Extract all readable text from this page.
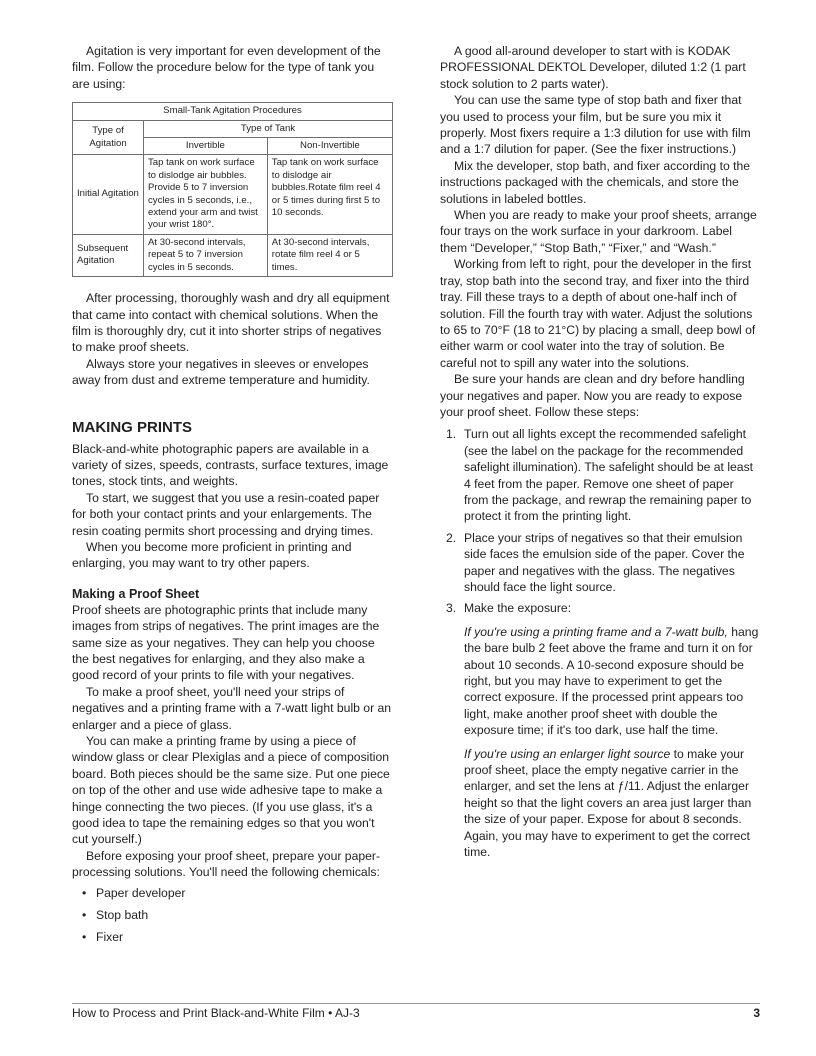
Agitation is very important for even development of the film. Follow the procedure below for the type of tank you are using:

Small-Tank Agitation Procedures		
Type of Agitation	Type of Tank	
	Invertible	Non-Invertible
Initial Agitation	Tap tank on work surface to dislodge air bubbles. Provide 5 to 7 inversion cycles in 5 seconds, i.e., extend your arm and twist your wrist 180°.	Tap tank on work surface to dislodge air bubbles.Rotate film reel 4 or 5 times during first 5 to 10 seconds.
Subsequent Agitation	At 30-second intervals, repeat 5 to 7 inversion cycles in 5 seconds.	At 30-second intervals, rotate film reel 4 or 5 times.

After processing, thoroughly wash and dry all equipment that came into contact with chemical solutions. When the film is thoroughly dry, cut it into shorter strips of negatives to make proof sheets.

Always store your negatives in sleeves or envelopes away from dust and extreme temperature and humidity.

MAKING PRINTS

Black-and-white photographic papers are available in a variety of sizes, speeds, contrasts, surface textures, image tones, stock tints, and weights.

To start, we suggest that you use a resin-coated paper for both your contact prints and your enlargements. The resin coating permits short processing and drying times.

When you become more proficient in printing and enlarging, you may want to try other papers.

Making a Proof Sheet

Proof sheets are photographic prints that include many images from strips of negatives. The print images are the same size as your negatives. They can help you choose the best negatives for enlarging, and they also make a good record of your prints to file with your negatives.

To make a proof sheet, you'll need your strips of negatives and a printing frame with a 7-watt light bulb or an enlarger and a piece of glass.

You can make a printing frame by using a piece of window glass or clear Plexiglas and a piece of composition board. Both pieces should be the same size. Put one piece on top of the other and use wide adhesive tape to make a hinge connecting the two pieces. (If you use glass, it's a good idea to tape the remaining edges so that you won't cut yourself.)

Before exposing your proof sheet, prepare your paper-processing solutions. You'll need the following chemicals:

• Paper developer
• Stop bath
• Fixer

A good all-around developer to start with is KODAK PROFESSIONAL DEKTOL Developer, diluted 1:2 (1 part stock solution to 2 parts water).

You can use the same type of stop bath and fixer that you used to process your film, but be sure you mix it properly. Most fixers require a 1:3 dilution for use with film and a 1:7 dilution for paper. (See the fixer instructions.)

Mix the developer, stop bath, and fixer according to the instructions packaged with the chemicals, and store the solutions in labeled bottles.

When you are ready to make your proof sheets, arrange four trays on the work surface in your darkroom. Label them “Developer,” “Stop Bath,” “Fixer,” and “Wash.”

Working from left to right, pour the developer in the first tray, stop bath into the second tray, and fixer into the third tray. Fill these trays to a depth of about one-half inch of solution. Fill the fourth tray with water. Adjust the solutions to 65 to 70°F (18 to 21°C) by placing a small, deep bowl of either warm or cool water into the tray of solution. Be careful not to spill any water into the solutions.

Be sure your hands are clean and dry before handling your negatives and paper. Now you are ready to expose your proof sheet. Follow these steps:

1. Turn out all lights except the recommended safelight (see the label on the package for the recommended safelight illumination). The safelight should be at least 4 feet from the paper. Remove one sheet of paper from the package, and rewrap the remaining paper to protect it from the printing light.
2. Place your strips of negatives so that their emulsion side faces the emulsion side of the paper. Cover the paper and negatives with the glass. The negatives should face the light source.
3. Make the exposure:

If you're using a printing frame and a 7-watt bulb, hang the bare bulb 2 feet above the frame and turn it on for about 10 seconds. A 10-second exposure should be right, but you may have to experiment to get the correct exposure. If the processed print appears too light, make another proof sheet with double the exposure time; if it's too dark, use half the time.

If you're using an enlarger light source to make your proof sheet, place the empty negative carrier in the enlarger, and set the lens at ƒ/11. Adjust the enlarger height so that the light covers an area just larger than the size of your paper. Expose for about 8 seconds. Again, you may have to experiment to get the correct time.

How to Process and Print Black-and-White Film • AJ-3	3
